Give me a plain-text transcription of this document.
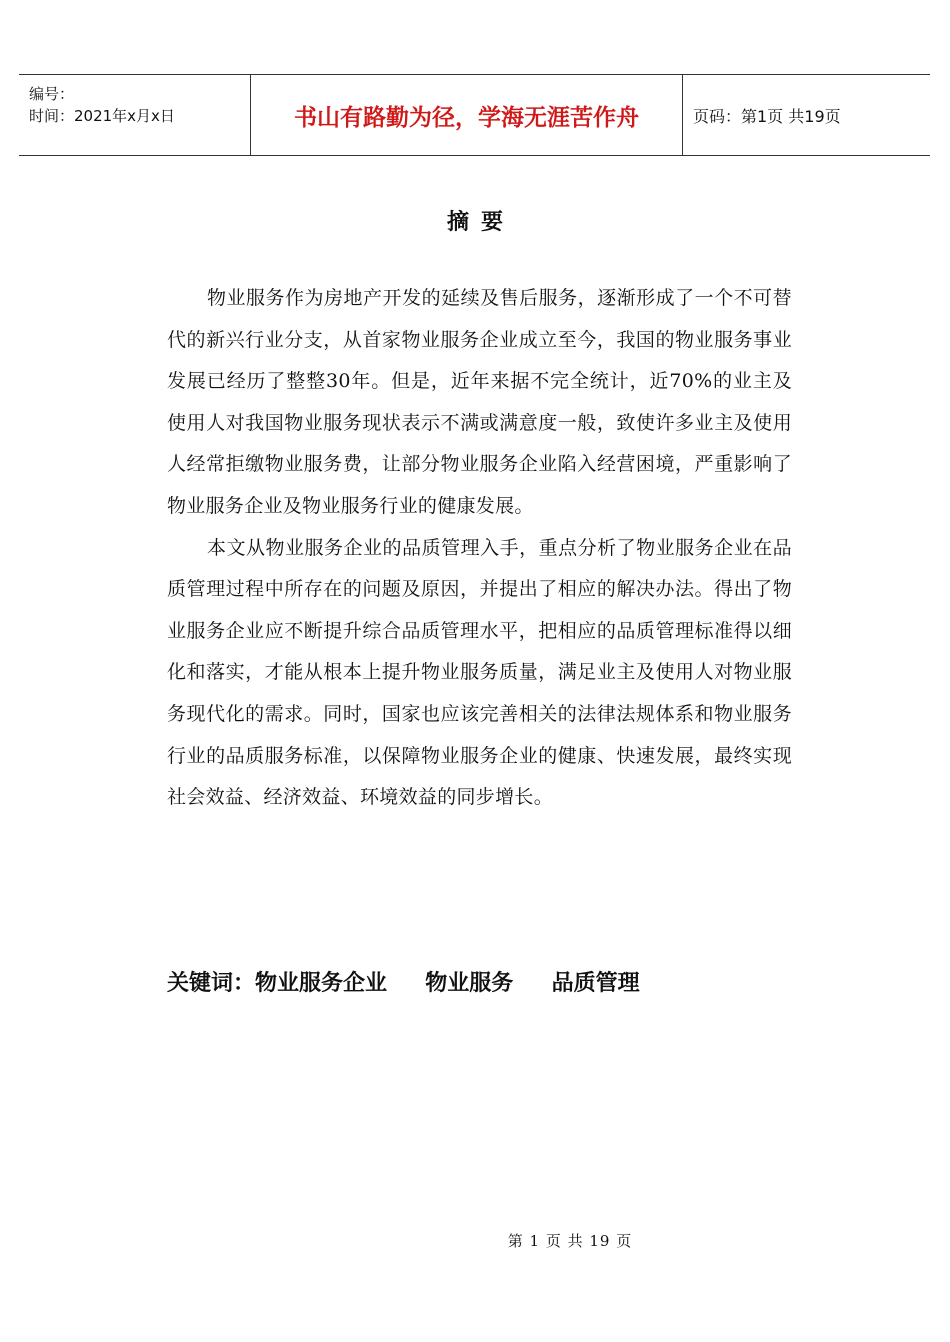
编号：
时间：2021年x月x日	书山有路勤为径，学海无涯苦作舟	页码：第1页 共19页
摘要

物业服务作为房地产开发的延续及售后服务，逐渐形成了一个不可替代的新兴行业分支，从首家物业服务企业成立至今，我国的物业服务事业发展已经历了整整30年。但是，近年来据不完全统计，近70%的业主及使用人对我国物业服务现状表示不满或满意度一般，致使许多业主及使用人经常拒缴物业服务费，让部分物业服务企业陷入经营困境，严重影响了物业服务企业及物业服务行业的健康发展。

本文从物业服务企业的品质管理入手，重点分析了物业服务企业在品质管理过程中所存在的问题及原因，并提出了相应的解决办法。得出了物业服务企业应不断提升综合品质管理水平，把相应的品质管理标准得以细化和落实，才能从根本上提升物业服务质量，满足业主及使用人对物业服务现代化的需求。同时，国家也应该完善相关的法律法规体系和物业服务行业的品质服务标准，以保障物业服务企业的健康、快速发展，最终实现社会效益、经济效益、环境效益的同步增长。

关键词：物业服务企业     物业服务     品质管理
第 1 页 共 19 页
